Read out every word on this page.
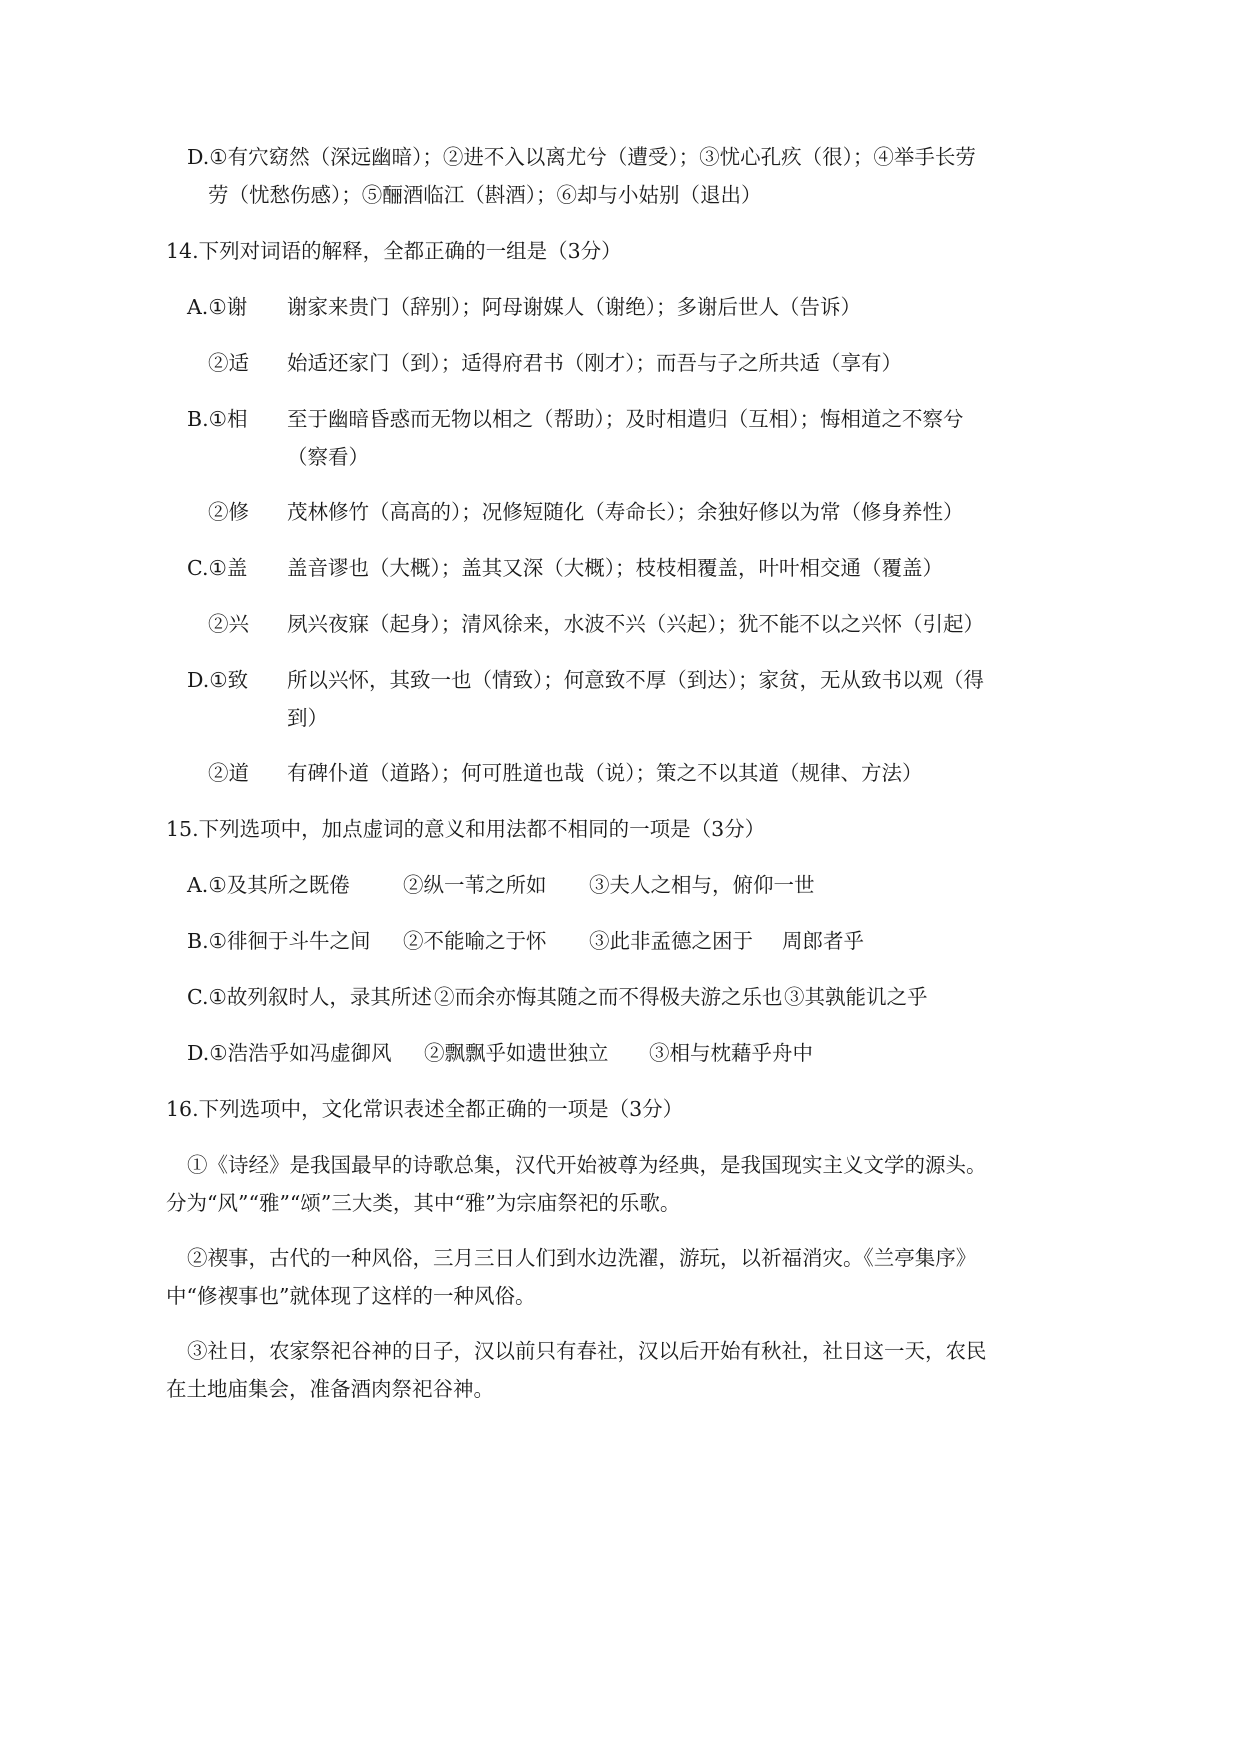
D.①有穴窈然（深远幽暗）；②进不入以离尤兮（遭受）；③忧心孔疚（很）；④举手长劳
劳（忧愁伤感）；⑤酾酒临江（斟酒）；⑥却与小姑别（退出）
14.下列对词语的解释，全都正确的一组是（3分）
A.①谢 谢家来贵门（辞别）；阿母谢媒人（谢绝）；多谢后世人（告诉）
②适 始适还家门（到）；适得府君书（刚才）；而吾与子之所共适（享有）
B.①相 至于幽暗昏惑而无物以相之（帮助）；及时相遣归（互相）；悔相道之不察兮
（察看）
②修 茂林修竹（高高的）；况修短随化（寿命长）；余独好修以为常（修身养性）
C.①盖 盖音谬也（大概）；盖其又深（大概）；枝枝相覆盖，叶叶相交通（覆盖）
②兴 夙兴夜寐（起身）；清风徐来，水波不兴（兴起）；犹不能不以之兴怀（引起）
D.①致 所以兴怀，其致一也（情致）；何意致不厚（到达）；家贫，无从致书以观（得
到）
②道 有碑仆道（道路）；何可胜道也哉（说）；策之不以其道（规律、方法）
15.下列选项中，加点虚词的意义和用法都不相同的一项是（3分）
A.①及其所之既倦	②纵一苇之所如 ③夫人之相与，俯仰一世
B.①徘徊于斗牛之间 ②不能喻之于怀 ③此非孟德之困于 周郎者乎
C.①故列叙时人，录其所述 ②而余亦悔其随之而不得极夫游之乐也 ③其孰能讥之乎
D.①浩浩乎如冯虚御风 ②飘飘乎如遗世独立 ③相与枕藉乎舟中
16.下列选项中，文化常识表述全都正确的一项是（3分）
①《诗经》是我国最早的诗歌总集，汉代开始被尊为经典，是我国现实主义文学的源头。
分为“风”“雅”“颂”三大类，其中“雅”为宗庙祭祀的乐歌。
②禊事，古代的一种风俗，三月三日人们到水边洗濯，游玩，以祈福消灾。《兰亭集序》
中“修禊事也”就体现了这样的一种风俗。
③社日，农家祭祀谷神的日子，汉以前只有春社，汉以后开始有秋社，社日这一天，农民
在土地庙集会，准备酒肉祭祀谷神。
